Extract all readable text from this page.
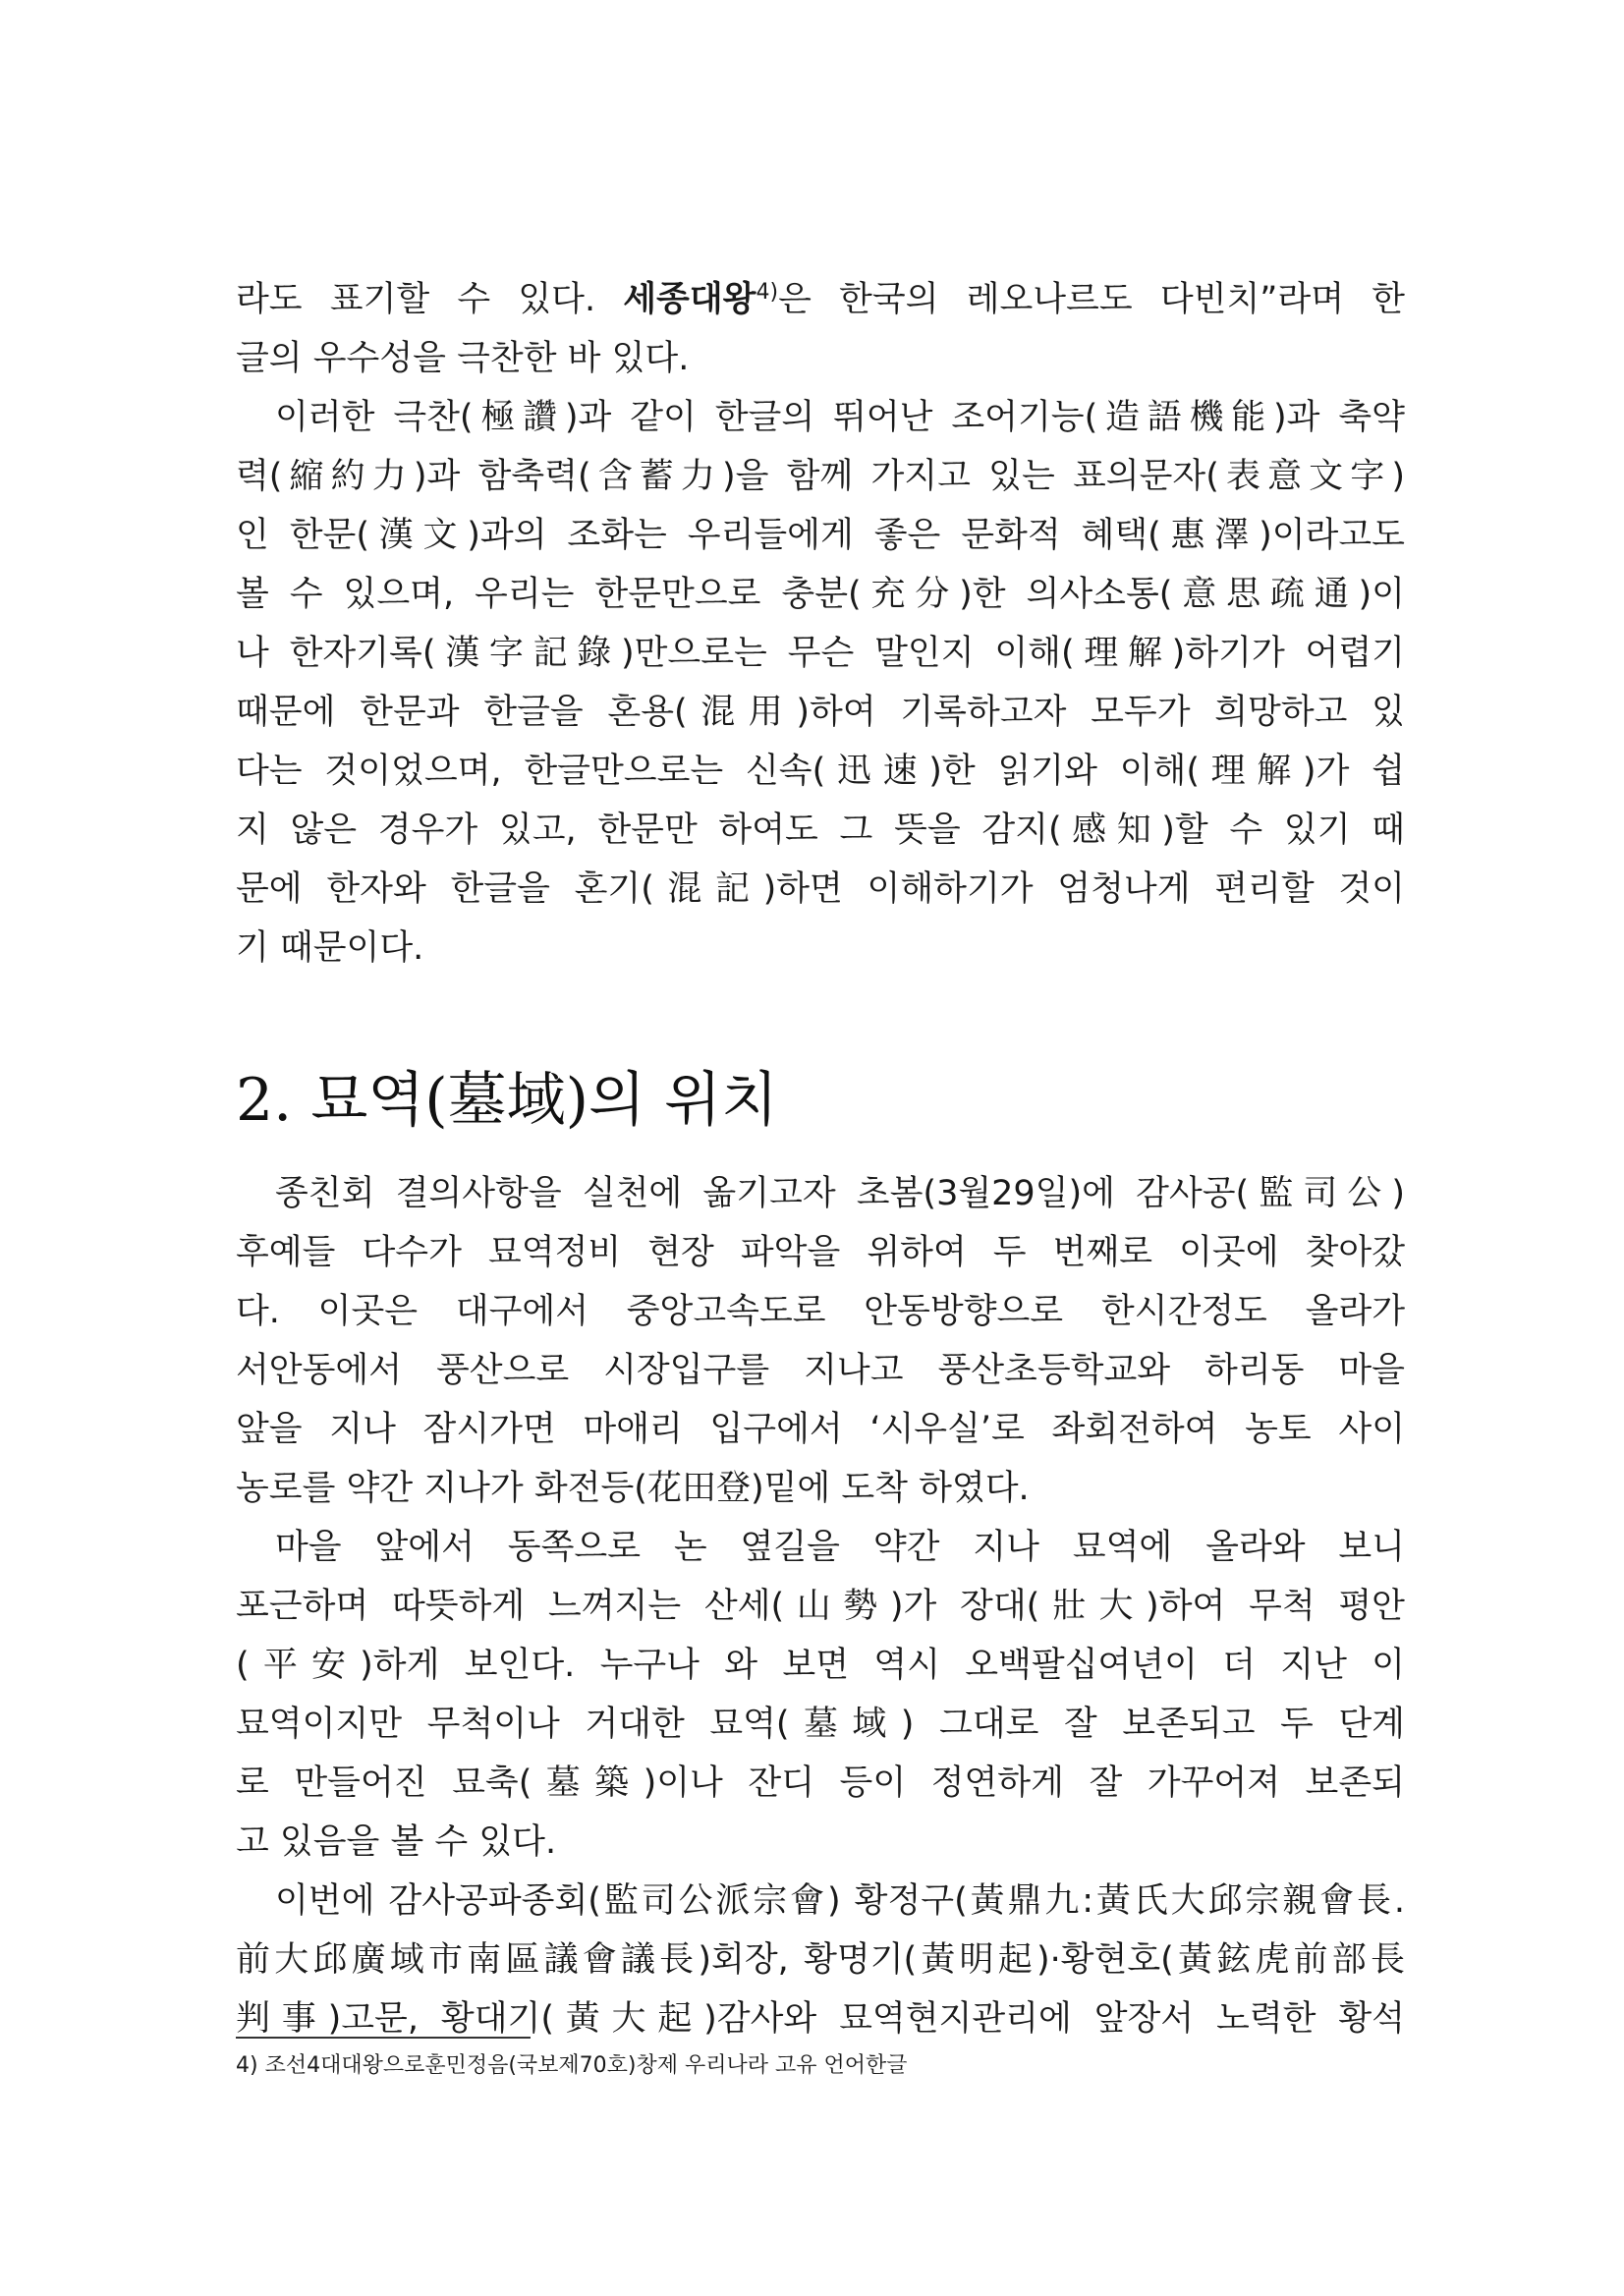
라도 표기할 수 있다. 세종대왕$^{4)}$은 한국의 레오나르도 다빈치”라며 한
글의 우수성을 극찬한 바 있다.
이러한 극찬(極讚)과 같이 한글의 뛰어난 조어기능(造語機能)과 축약
력(縮約力)과 함축력(含蓄力)을 함께 가지고 있는 표의문자(表意文字)
인 한문(漢文)과의 조화는 우리들에게 좋은 문화적 혜택(惠澤)이라고도
볼 수 있으며, 우리는 한문만으로 충분(充分)한 의사소통(意思疏通)이
나 한자기록(漢字記錄)만으로는 무슨 말인지 이해(理解)하기가 어렵기
때문에 한문과 한글을 혼용(混用)하여 기록하고자 모두가 희망하고 있
다는 것이었으며, 한글만으로는 신속(迅速)한 읽기와 이해(理解)가 쉽
지 않은 경우가 있고, 한문만 하여도 그 뜻을 감지(感知)할 수 있기 때
문에 한자와 한글을 혼기(混記)하면 이해하기가 엄청나게 편리할 것이
기 때문이다.
2. 묘역(墓域)의 위치
종친회 결의사항을 실천에 옮기고자 초봄(3월29일)에 감사공(監司公)
후예들 다수가 묘역정비 현장 파악을 위하여 두 번째로 이곳에 찾아갔
다. 이곳은 대구에서 중앙고속도로 안동방향으로 한시간정도 올라가
서안동에서 풍산으로 시장입구를 지나고 풍산초등학교와 하리동 마을
앞을 지나 잠시가면 마애리 입구에서 ‘시우실’로 좌회전하여 농토 사이
농로를 약간 지나가 화전등(花田登)밑에 도착 하였다.
마을 앞에서 동쪽으로 논 옆길을 약간 지나 묘역에 올라와 보니
포근하며 따뜻하게 느껴지는 산세(山勢)가 장대(壯大)하여 무척 평안
(平安)하게 보인다. 누구나 와 보면 역시 오백팔십여년이 더 지난 이
묘역이지만 무척이나 거대한 묘역(墓域) 그대로 잘 보존되고 두 단계
로 만들어진 묘축(墓築)이나 잔디 등이 정연하게 잘 가꾸어져 보존되
고 있음을 볼 수 있다.
이번에 감사공파종회(監司公派宗會) 황정구(黃鼎九:黃氏大邱宗親會長.
前大邱廣域市南區議會議長)회장, 황명기(黃明起)·황현호(黃鉉虎前部長
判事)고문, 황대기(黃大起)감사와 묘역현지관리에 앞장서 노력한 황석
4) 조선4대대왕으로훈민정음(국보제70호)창제 우리나라 고유 언어한글
